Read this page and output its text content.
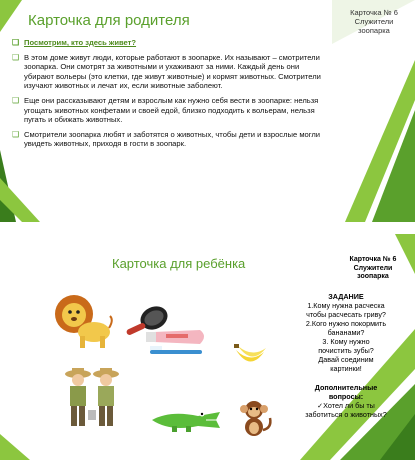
Карточка для родителя	Карточка № 6
Служители
зоопарка
❑ Посмотрим, кто здесь живет?
❑ В этом доме живут люди, которые работают в зоопарке. Их называют – смотрители зоопарка. Они смотрят за животными и ухаживают за ними. Каждый день они убирают вольеры (это клетки, где живут животные) и кормят животных. Смотрители изучают животных и лечат их, если животные заболеют.
❑ Еще они рассказывают детям и взрослым как нужно себя вести в зоопарке: нельзя угощать животных конфетами и своей едой, близко подходить к вольерам, нельзя пугать и обижать животных.
❑ Смотрители зоопарка любят и заботятся о животных, чтобы дети и взрослые могли увидеть животных, приходя в гости в зоопарк.
Карточка для ребёнка	Карточка № 6
Служители
зоопарка
ЗАДАНИЕ
1.Кому нужна расческа
чтобы расчесать гриву?
2.Кого нужно покормить
бананами?
3. Кому нужно
почистить зубы?
Давай соединим
картинки!
Дополнительные
вопросы:
✓Хотел ли бы ты
заботиться о животных?
